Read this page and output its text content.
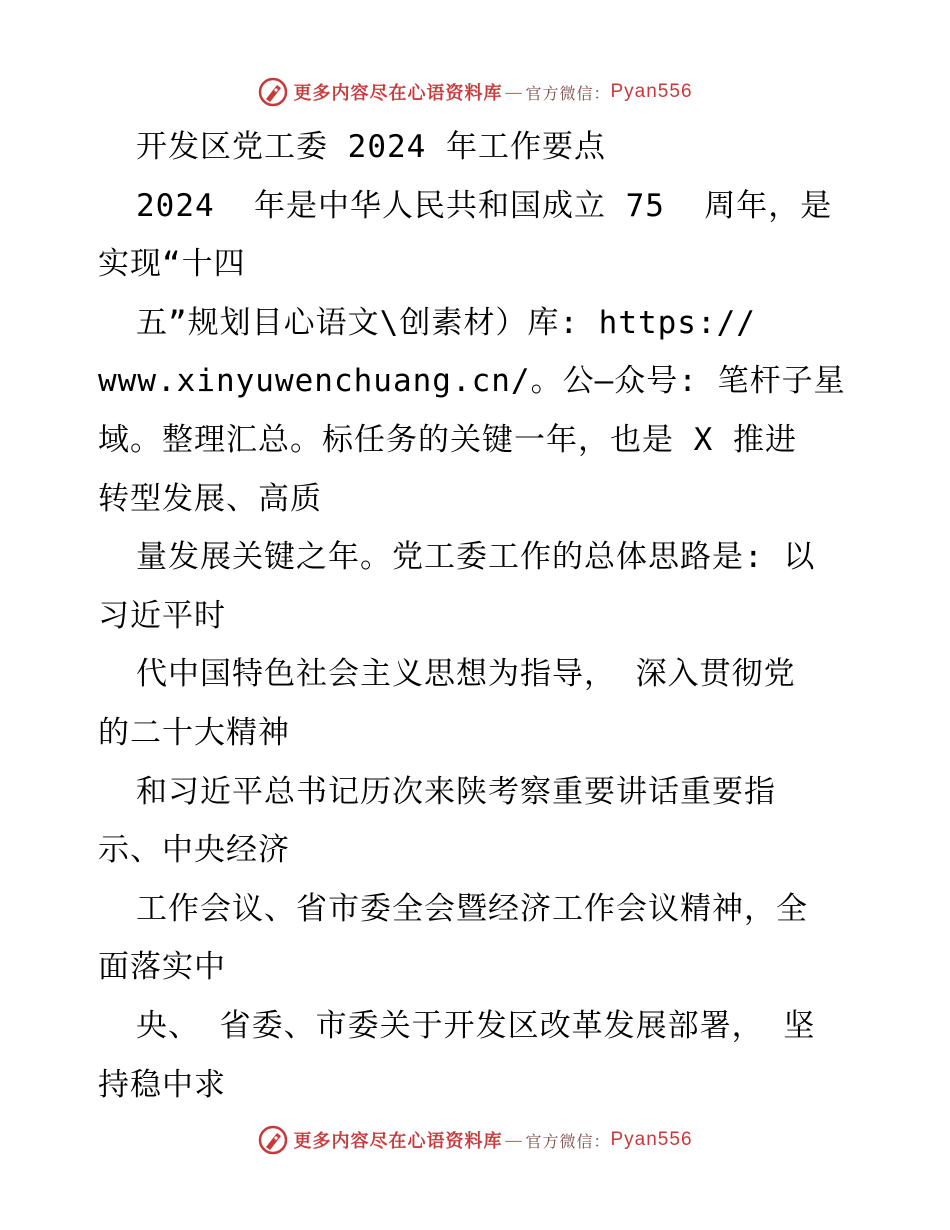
更多内容尽在心语资料库 — 官方微信： Pyan556
开发区党工委 2024 年工作要点
2024  年是中华人民共和国成立 75  周年，是
实现“十四
五”规划目心语文\创素材）库: https://
www.xinyuwenchuang.cn/。公—众号: 笔杆子星
域。整理汇总。标任务的关键一年，也是 X 推进
转型发展、高质
量发展关键之年。党工委工作的总体思路是: 以
习近平时
代中国特色社会主义思想为指导， 深入贯彻党
的二十大精神
和习近平总书记历次来陕考察重要讲话重要指
示、中央经济
工作会议、省市委全会暨经济工作会议精神，全
面落实中
央、 省委、市委关于开发区改革发展部署， 坚
持稳中求
更多内容尽在心语资料库 — 官方微信： Pyan556
